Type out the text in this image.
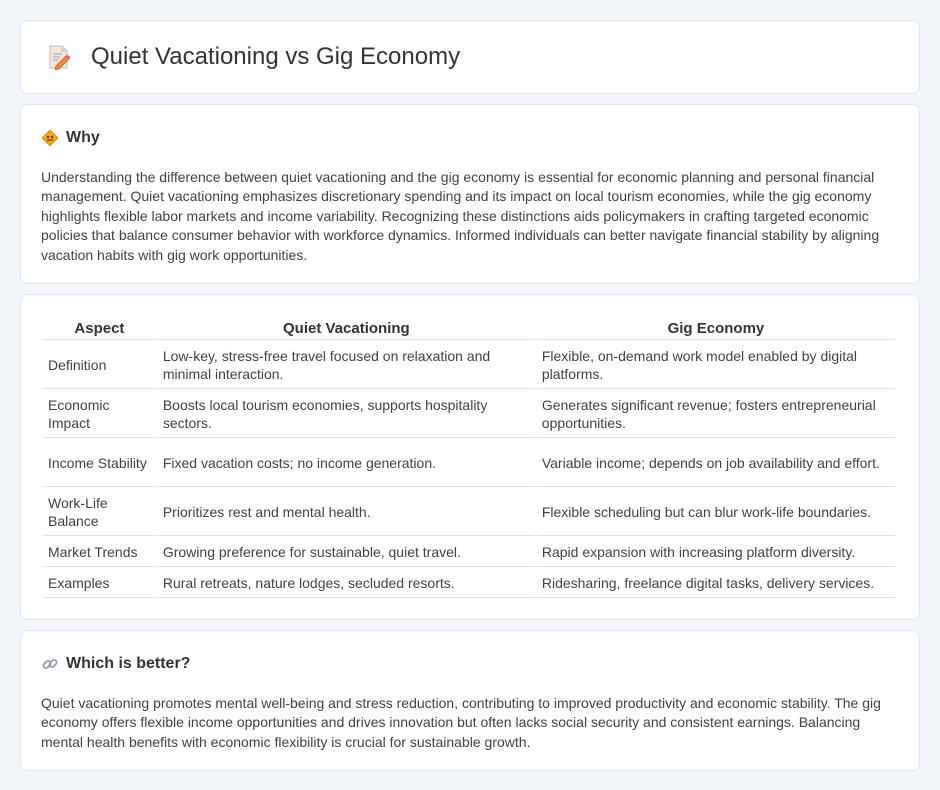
Quiet Vacationing vs Gig Economy
Why

Understanding the difference between quiet vacationing and the gig economy is essential for economic planning and personal financial management. Quiet vacationing emphasizes discretionary spending and its impact on local tourism economies, while the gig economy highlights flexible labor markets and income variability. Recognizing these distinctions aids policymakers in crafting targeted economic policies that balance consumer behavior with workforce dynamics. Informed individuals can better navigate financial stability by aligning vacation habits with gig work opportunities.

Aspect	Quiet Vacationing	Gig Economy
Definition	Low-key, stress-free travel focused on relaxation and minimal interaction.	Flexible, on-demand work model enabled by digital platforms.
Economic Impact	Boosts local tourism economies, supports hospitality sectors.	Generates significant revenue; fosters entrepreneurial opportunities.
Income Stability	Fixed vacation costs; no income generation.	Variable income; depends on job availability and effort.
Work-Life Balance	Prioritizes rest and mental health.	Flexible scheduling but can blur work-life boundaries.
Market Trends	Growing preference for sustainable, quiet travel.	Rapid expansion with increasing platform diversity.
Examples	Rural retreats, nature lodges, secluded resorts.	Ridesharing, freelance digital tasks, delivery services.
Which is better?

Quiet vacationing promotes mental well-being and stress reduction, contributing to improved productivity and economic stability. The gig economy offers flexible income opportunities and drives innovation but often lacks social security and consistent earnings. Balancing mental health benefits with economic flexibility is crucial for sustainable growth.
